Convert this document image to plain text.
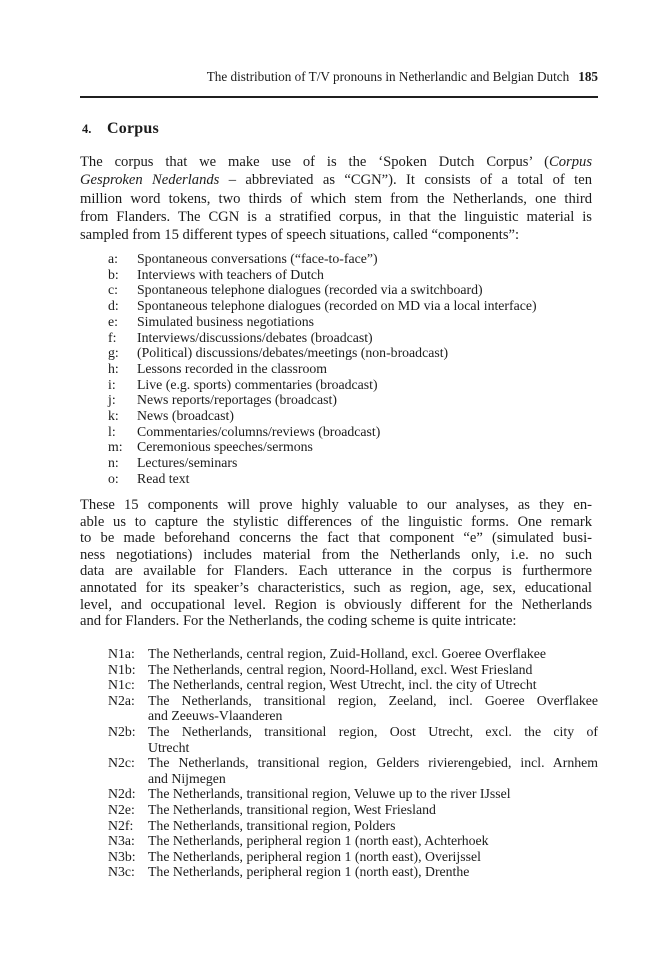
The distribution of T/V pronouns in Netherlandic and Belgian Dutch 185
4. Corpus
The corpus that we make use of is the ‘Spoken Dutch Corpus’ (Corpus
Gesproken Nederlands – abbreviated as “CGN”). It consists of a total of ten
million word tokens, two thirds of which stem from the Netherlands, one third
from Flanders. The CGN is a stratified corpus, in that the linguistic material is
sampled from 15 different types of speech situations, called “components”:
a:	Spontaneous conversations (“face-to-face”)
b:	Interviews with teachers of Dutch
c:	Spontaneous telephone dialogues (recorded via a switchboard)
d:	Spontaneous telephone dialogues (recorded on MD via a local interface)
e:	Simulated business negotiations
f:	Interviews/discussions/debates (broadcast)
g:	(Political) discussions/debates/meetings (non-broadcast)
h:	Lessons recorded in the classroom
i:	Live (e.g. sports) commentaries (broadcast)
j:	News reports/reportages (broadcast)
k:	News (broadcast)
l:	Commentaries/columns/reviews (broadcast)
m:	Ceremonious speeches/sermons
n:	Lectures/seminars
o:	Read text
These 15 components will prove highly valuable to our analyses, as they en-
able us to capture the stylistic differences of the linguistic forms. One remark
to be made beforehand concerns the fact that component “e” (simulated busi-
ness negotiations) includes material from the Netherlands only, i.e. no such
data are available for Flanders. Each utterance in the corpus is furthermore
annotated for its speaker’s characteristics, such as region, age, sex, educational
level, and occupational level. Region is obviously different for the Netherlands
and for Flanders. For the Netherlands, the coding scheme is quite intricate:
N1a: The Netherlands, central region, Zuid-Holland, excl. Goeree Overflakee
N1b: The Netherlands, central region, Noord-Holland, excl. West Friesland
N1c: The Netherlands, central region, West Utrecht, incl. the city of Utrecht
N2a: The Netherlands, transitional region, Zeeland, incl. Goeree Overflakee
and Zeeuws-Vlaanderen
N2b: The Netherlands, transitional region, Oost Utrecht, excl. the city of
Utrecht
N2c: The Netherlands, transitional region, Gelders rivierengebied, incl. Arnhem
and Nijmegen
N2d: The Netherlands, transitional region, Veluwe up to the river IJssel
N2e: The Netherlands, transitional region, West Friesland
N2f:	The Netherlands, transitional region, Polders
N3a: The Netherlands, peripheral region 1 (north east), Achterhoek
N3b: The Netherlands, peripheral region 1 (north east), Overijssel
N3c: The Netherlands, peripheral region 1 (north east), Drenthe
